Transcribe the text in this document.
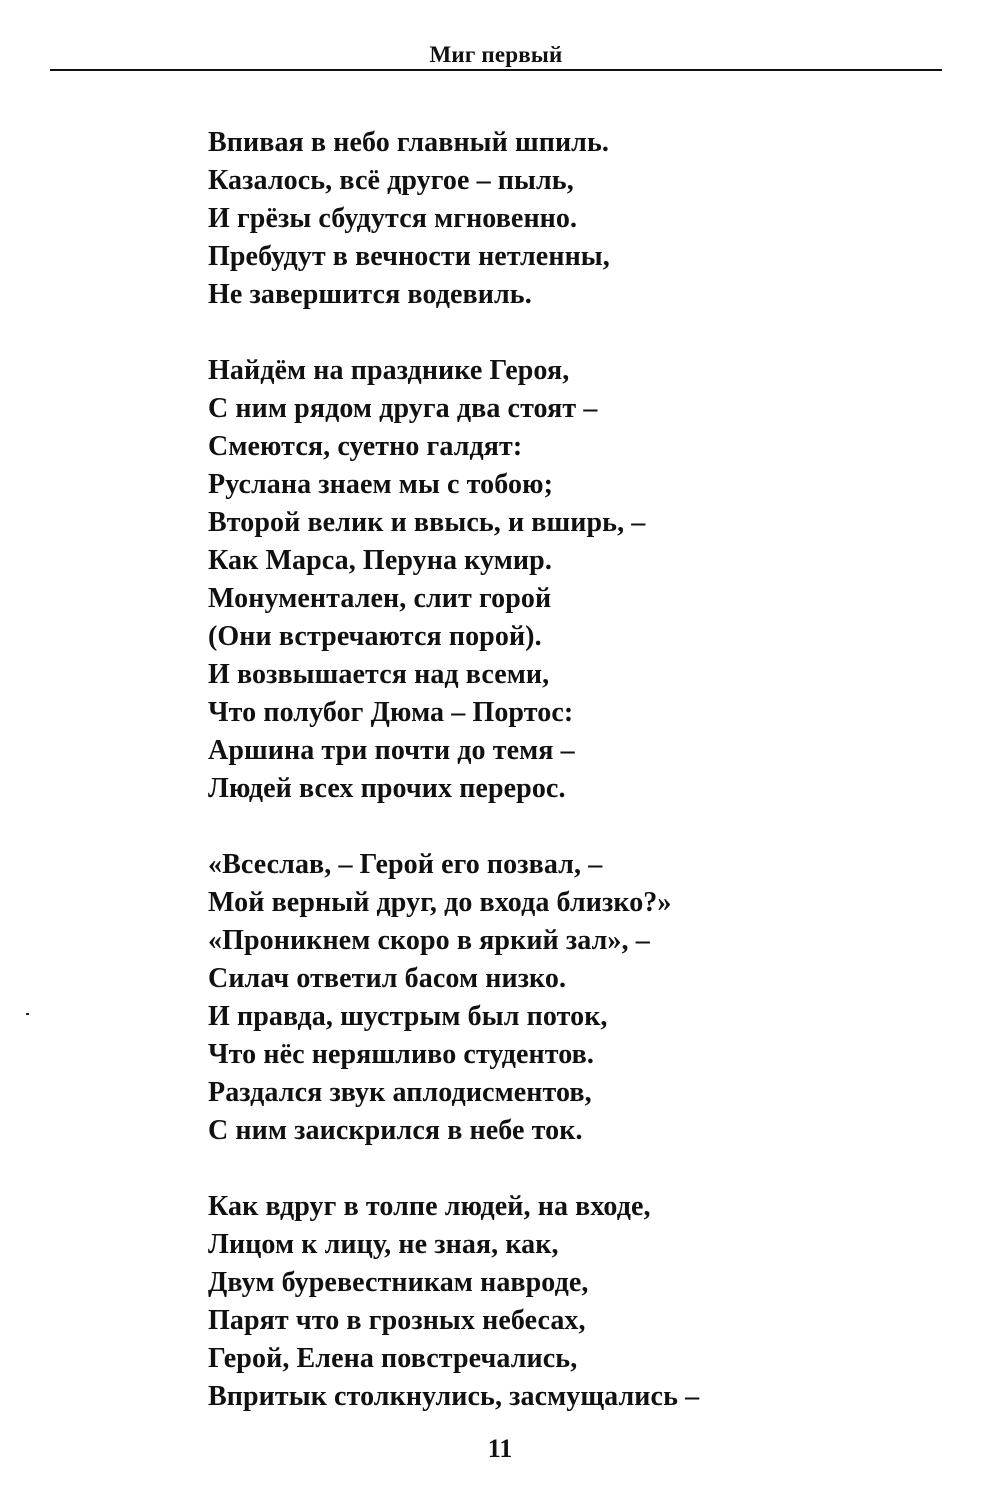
Миг первый
Впивая в небо главный шпиль.
Казалось, всё другое – пыль,
И грёзы сбудутся мгновенно.
Пребудут в вечности нетленны,
Не завершится водевиль.
Найдём на празднике Героя,
С ним рядом друга два стоят –
Смеются, суетно галдят:
Руслана знаем мы с тобою;
Второй велик и ввысь, и вширь, –
Как Марса, Перуна кумир.
Монументален, слит горой
(Они встречаются порой).
И возвышается над всеми,
Что полубог Дюма – Портос:
Аршина три почти до темя –
Людей всех прочих перерос.
«Всеслав, – Герой его позвал, –
Мой верный друг, до входа близко?»
«Проникнем скоро в яркий зал», –
Силач ответил басом низко.
И правда, шустрым был поток,
Что нёс неряшливо студентов.
Раздался звук аплодисментов,
С ним заискрился в небе ток.
Как вдруг в толпе людей, на входе,
Лицом к лицу, не зная, как,
Двум буревестникам навроде,
Парят что в грозных небесах,
Герой, Елена повстречались,
Впритык столкнулись, засмущались –
11
